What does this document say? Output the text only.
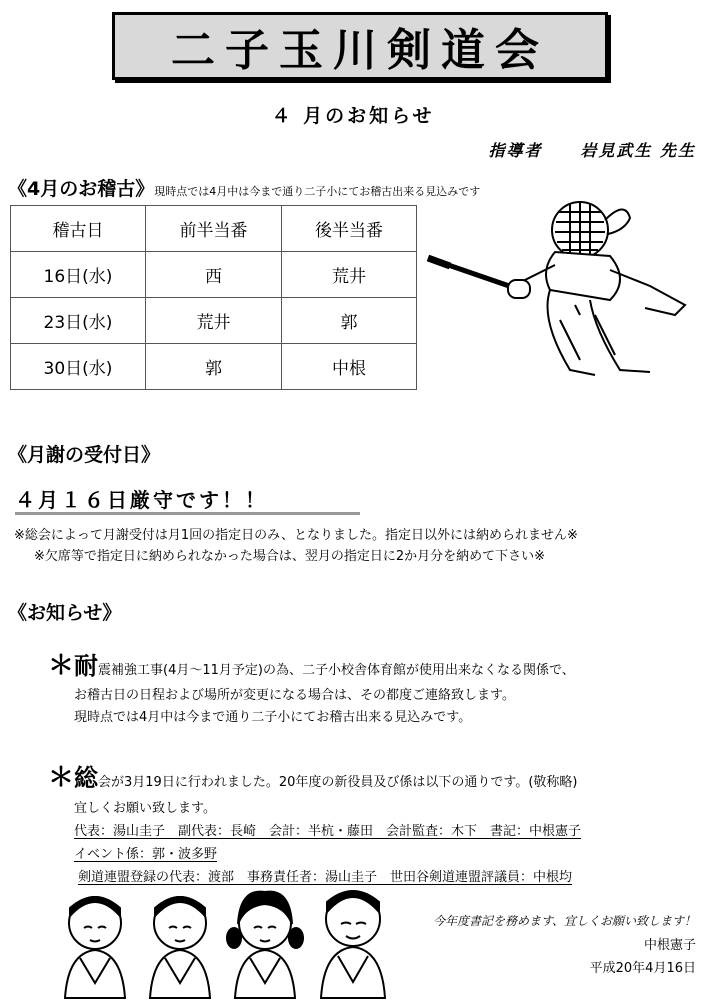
二子玉川剣道会
４ 月のお知らせ
指導者 岩見武生 先生
《4月のお稽古》現時点では4月中は今まで通り二子小にてお稽古出来る見込みです
稽古日	前半当番	後半当番
16日(水)	西	荒井
23日(水)	荒井	郭
30日(水)	郭	中根
《月謝の受付日》
４月１６日厳守です！！
※総会によって月謝受付は月1回の指定日のみ、となりました。指定日以外には納められません※
※欠席等で指定日に納められなかった場合は、翌月の指定日に2か月分を納めて下さい※
《お知らせ》
＊耐震補強工事(4月～11月予定)の為、二子小校舎体育館が使用出来なくなる関係で、
お稽古日の日程および場所が変更になる場合は、その都度ご連絡致します。
現時点では4月中は今まで通り二子小にてお稽古出来る見込みです。
＊総会が3月19日に行われました。20年度の新役員及び係は以下の通りです。(敬称略)
宜しくお願い致します。
代表：湯山圭子　副代表：長崎　会計：半杭・藤田　会計監査：木下　書記：中根憲子
イベント係：郭・波多野
剣道連盟登録の代表：渡部　事務責任者：湯山圭子　世田谷剣道連盟評議員：中根均
今年度書記を務めます、宜しくお願い致します！
中根憲子
平成20年4月16日
